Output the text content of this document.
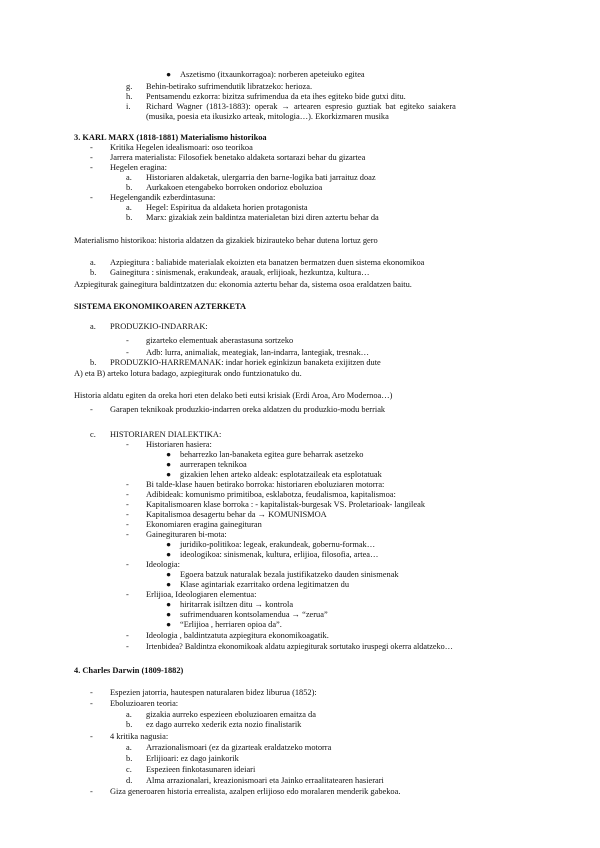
● Aszetismo (itxaunkorragoa): norberen apeteiuko egitea
g. Behin-betirako sufrimendutik libratzeko: herioza.
h. Pentsamendu ezkorra: bizitza sufrimendua da eta ihes egiteko bide gutxi ditu.
i. Richard Wagner (1813-1883): operak → artearen espresio guztiak bat egiteko saiakera
(musika, poesia eta ikusizko arteak, mitologia…). Ekorkizmaren musika
3. KARL MARX (1818-1881) Materialismo historikoa
- Kritika Hegelen idealismoari: oso teorikoa
- Jarrera materialista: Filosofiek benetako aldaketa sortarazi behar du gizartea
- Hegelen eragina:
a. Historiaren aldaketak, ulergarria den barne-logika bati jarraituz doaz
b. Aurkakoen etengabeko borroken ondorioz eboluzioa
- Hegelengandik ezberdintasuna:
a. Hegel: Espiritua da aldaketa horien protagonista
b. Marx: gizakiak zein baldintza materialetan bizi diren aztertu behar da
Materialismo historikoa: historia aldatzen da gizakiek bizirauteko behar dutena lortuz gero
a. Azpiegitura : baliabide materialak ekoizten eta banatzen bermatzen duen sistema ekonomikoa
b. Gainegitura : sinismenak, erakundeak, arauak, erlijioak, hezkuntza, kultura…
Azpiegiturak gainegitura baldintzatzen du: ekonomia aztertu behar da, sistema osoa eraldatzen baitu.
SISTEMA EKONOMIKOAREN AZTERKETA
a. PRODUZKIO-INDARRAK:
- gizarteko elementuak aberastasuna sortzeko
- Adb: lurra, animaliak, meategiak, lan-indarra, lantegiak, tresnak…
b. PRODUZKIO-HARREMANAK: indar horiek eginkizun banaketa exijitzen dute
A) eta B) arteko lotura badago, azpiegiturak ondo funtzionatuko du.
Historia aldatu egiten da oreka hori eten delako beti eutsi krisiak (Erdi Aroa, Aro Modernoa…)
- Garapen teknikoak produzkio-indarren oreka aldatzen du produzkio-modu berriak
c. HISTORIAREN DIALEKTIKA:
- Historiaren hasiera:
● beharrezko lan-banaketa egitea gure beharrak asetzeko
● aurrerapen teknikoa
● gizakien lehen arteko aldeak: esplotatzaileak eta esplotatuak
- Bi talde-klase hauen betirako borroka: historiaren eboluziaren motorra:
- Adibideak: komunismo primitiboa, esklabotza, feudalismoa, kapitalismoa:
- Kapitalismoaren klase borroka : - kapitalistak-burgesak VS. Proletarioak- langileak
- Kapitalismoa desagertu behar da → KOMUNISMOA
- Ekonomiaren eragina gainegituran
- Gainegituraren bi-mota:
● juridiko-politikoa: legeak, erakundeak, gobernu-formak…
● ideologikoa: sinismenak, kultura, erlijioa, filosofia, artea…
- Ideologia:
● Egoera batzuk naturalak bezala justifikatzeko dauden sinismenak
● Klase agintariak ezarritako ordena legitimatzen du
- Erlijioa, Ideologiaren elementua:
● hiritarrak isiltzen ditu → kontrola
● sufrimenduaren kontsolamendua → “zerua”
● “Erlijioa , herriaren opioa da”.
- Ideologia , baldintzatuta azpiegitura ekonomikoagatik.
- Irtenbidea? Baldintza ekonomikoak aldatu azpiegiturak sortutako iruspegi okerra aldatzeko…
4. Charles Darwin (1809-1882)
- Espezien jatorria, hautespen naturalaren bidez liburua (1852):
- Eboluzioaren teoria:
a. gizakia aurreko espezieen eboluzioaren emaitza da
b. ez dago aurreko xederik ezta nozio finalistarik
- 4 kritika nagusia:
a. Arrazionalismoari (ez da gizarteak eraldatzeko motorra
b. Erlijioari: ez dago jainkorik
c. Espezieen finkotasunaren ideiari
d. Alma arrazionalari, kreazionismoari eta Jainko erraalitatearen hasierari
- Giza generoaren historia errealista, azalpen erlijioso edo moralaren menderik gabekoa.
